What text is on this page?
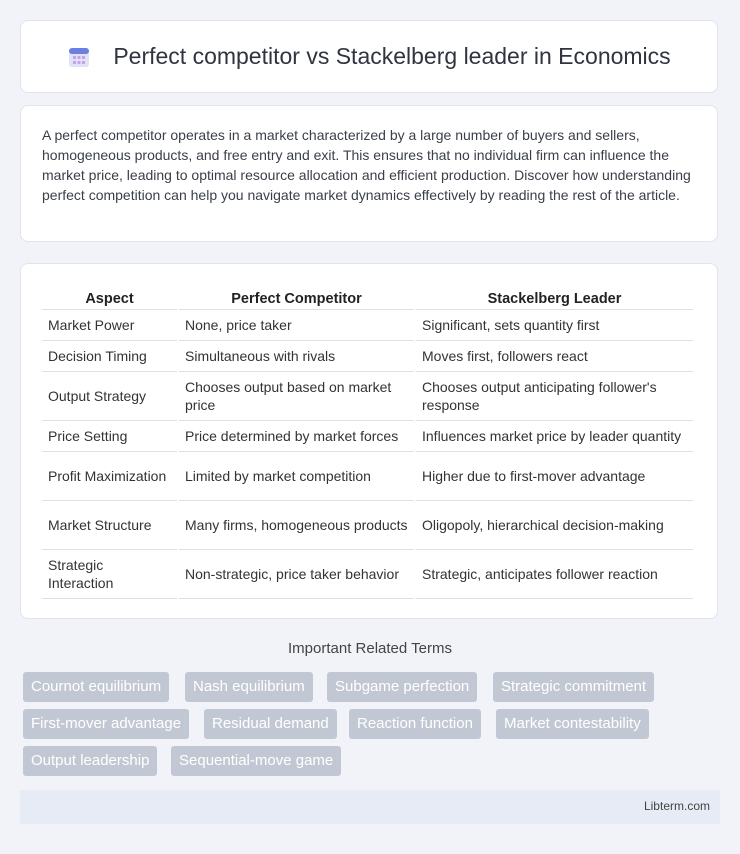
Perfect competitor vs Stackelberg leader in Economics

A perfect competitor operates in a market characterized by a large number of buyers and sellers, homogeneous products, and free entry and exit. This ensures that no individual firm can influence the market price, leading to optimal resource allocation and efficient production. Discover how understanding perfect competition can help you navigate market dynamics effectively by reading the rest of the article.

Aspect	Perfect Competitor	Stackelberg Leader
Market Power	None, price taker	Significant, sets quantity first
Decision Timing	Simultaneous with rivals	Moves first, followers react
Output Strategy	Chooses output based on market price	Chooses output anticipating follower's response
Price Setting	Price determined by market forces	Influences market price by leader quantity
Profit Maximization	Limited by market competition	Higher due to first-mover advantage
Market Structure	Many firms, homogeneous products	Oligopoly, hierarchical decision-making
Strategic Interaction	Non-strategic, price taker behavior	Strategic, anticipates follower reaction
Important Related Terms
Cournot equilibrium	Nash equilibrium	Subgame perfection	Strategic commitment
First-mover advantage	Residual demand	Reaction function	Market contestability
Output leadership	Sequential-move game
Libterm.com
